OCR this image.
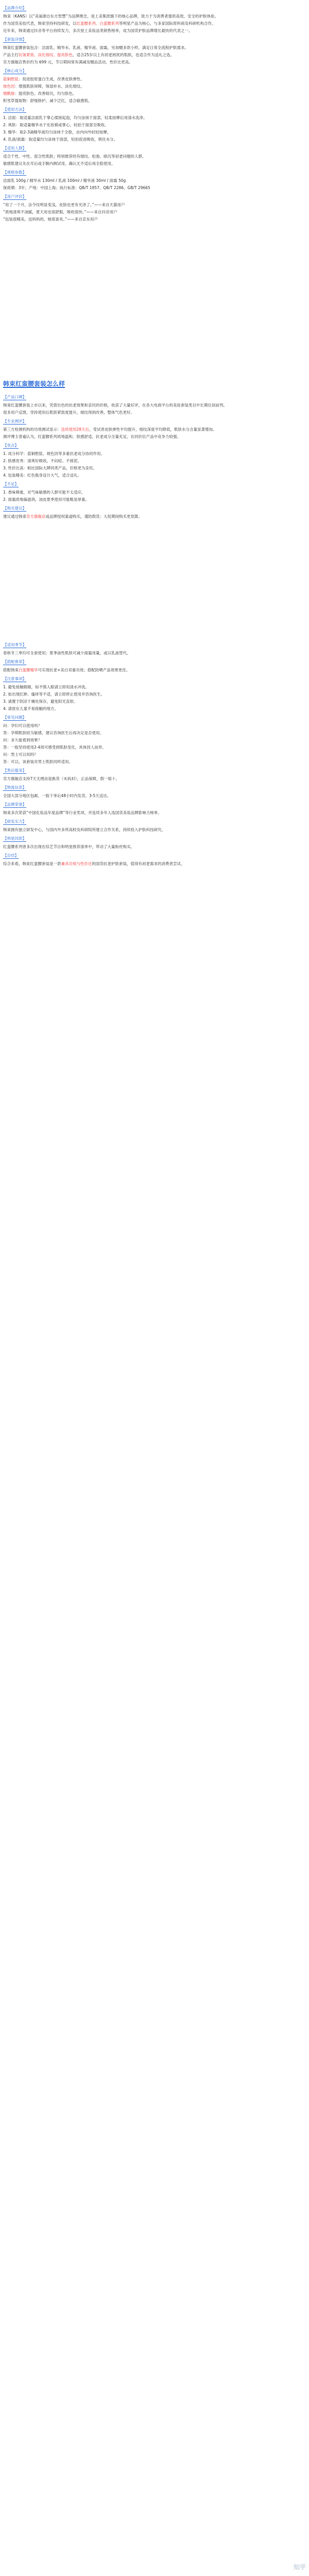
【品牌介绍】

韩束（KANS）以“美丽源自东方智慧”为品牌理念，是上美集团旗下的核心品牌，致力于为消费者提供高效、安全的护肤体验。

作为国货美妆代表，韩束坚持科技研发，以红蛮腰系列、白蛮腰系列等明星产品为核心，与多家国际原料商及科研机构合作。

近年来，韩束通过抖音等平台持续发力，多次登上美妆品类销售榜单，成为国货护肤品牌增长最快的代表之一。

【套装详情】

韩束红蛮腰套装包含：洁面乳、精华水、乳液、精华液、面霜，另加赠多款小样，满足日常全流程护肤需求。

产品主打抗皱紧致、淡化细纹、提亮肤色，适合25岁以上有初老困扰的肌肤，也适合作为送礼之选。

官方旗舰店售价约为 699 元，节日期间常有满减及赠品活动，性价比更高。

【核心成分】

蓝铜胜肽：促进胶原蛋白生成，改善皮肤弹性。

玻色因：增强肌肤屏障，保湿补水、淡化细纹。

烟酰胺：提亮肤色、改善暗沉，均匀肤色。

积雪草提取物：舒缓修护，减少泛红，适合敏感肌。

【使用方法】

1. 洁面：取适量洁面乳于掌心揉搓起泡，均匀涂抹于面部，轻柔按摩后用清水洗净。

2. 爽肤：取适量精华水于化妆棉或掌心，轻拍于面部至吸收。

3. 精华：取2-3滴精华液均匀涂抹于全脸，由内向外轻轻按摩。

4. 乳液/面霜：取适量均匀涂抹于面部，轻拍促进吸收，锁住水分。

【适用人群】

适合干性、中性、混合性肌肤；特别推荐给有细纹、松弛、暗沉等初老问题的人群。

敏感肌建议先在耳后或手腕内侧试用，确认无不适后再全脸使用。

【规格参数】

洁面乳 100g / 精华水 130ml / 乳液 100ml / 精华液 30ml / 面霜 50g

保质期：3年；产地：中国上海；执行标准：QB/T 1857、QB/T 2286、GB/T 29665

【用户评价】

“用了一个月，法令纹明显变浅，皮肤也更有光泽了。”——来自天猫用户

“质地清爽不油腻，夏天用也很舒服，吸收很快。”——来自抖音用户

“包装很精美，送妈妈的，她很喜欢。”——来自京东用户

韩束红蛮腰套装怎么样
【产品口碑】

韩束红蛮腰套装上市以来，凭借出色的抗老效果和亲民的价格，收获了大量好评，在各大电商平台的美妆套装类目中长期位居前列。

很多用户反馈，坚持使用后肌肤紧致度提升，细纹得到改善，整体气色更好。

【专业测评】

第三方检测机构的功效测试显示：连续使用28天后，受试者皮肤弹性平均提升，细纹深度平均降低，肌肤水分含量显著增加。

测评博主普遍认为，红蛮腰系列质地温和、肤感舒适，抗老成分含量充足，在同价位产品中竞争力较强。

【优点】

1. 成分科学：蓝铜胜肽、玻色因等多重抗老成分协同作用。

2. 肤感优秀：清爽好吸收，不闷痘、不搓泥。

3. 性价比高：相比国际大牌同类产品，价格更为亲民。

4. 包装精美：红色瓶身设计大气，适合送礼。

【不足】

1. 香味稍重，对气味敏感的人群可能不太适应。

2. 面霜质地偏滋润，油皮夏季使用可能略显厚重。

【购买建议】

建议通过韩束官方旗舰店或品牌授权渠道购买，谨防假货；大促期间购买更划算。

【适用季节】

春秋冬三季均可全套使用；夏季油性肌肤可减少面霜用量，或以乳液替代。

【搭配推荐】

搭配韩束白蛮腰精华可实现抗老+美白双重功效；搭配防晒产品效果更佳。

【注意事项】

1. 避免接触眼睛，如不慎入眼请立即用清水冲洗。

2. 如出现红肿、瘙痒等不适，请立即停止使用并咨询医生。

3. 请置于阴凉干燥处保存，避免阳光直射。

4. 请放在儿童不易接触的地方。

【常见问题】

问：孕妇可以使用吗？

答：孕期肌肤较为敏感，建议咨询医生后再决定是否使用。

问：多久能看到效果？

答：一般坚持使用2-4周可感受到肌肤变化，具体因人而异。

问：男士可以用吗？

答：可以，该套装对男士肌肤同样适用。

【售后服务】

官方旗舰店支持7天无理由退换货（未拆封），正品保障，假一赔十。

【物流信息】

全国大部分地区包邮，一般下单后48小时内发货，3-5天送达。

【品牌荣誉】

韩束多次荣获“中国化妆品年度品牌”等行业奖项，并连续多年入选国货美妆品牌影响力榜单。

【研发实力】

韩束拥有独立研发中心，与国内外多所高校及科研院所建立合作关系，持续投入护肤科技研究。

【明星同款】

红蛮腰系列曾多次出现在综艺节目和明星推荐清单中，带动了大量粉丝购买。

【总结】

综合来看，韩束红蛮腰套装是一款兼具功效与性价比的国货抗老护肤套装，值得有初老需求的消费者尝试。

知乎
